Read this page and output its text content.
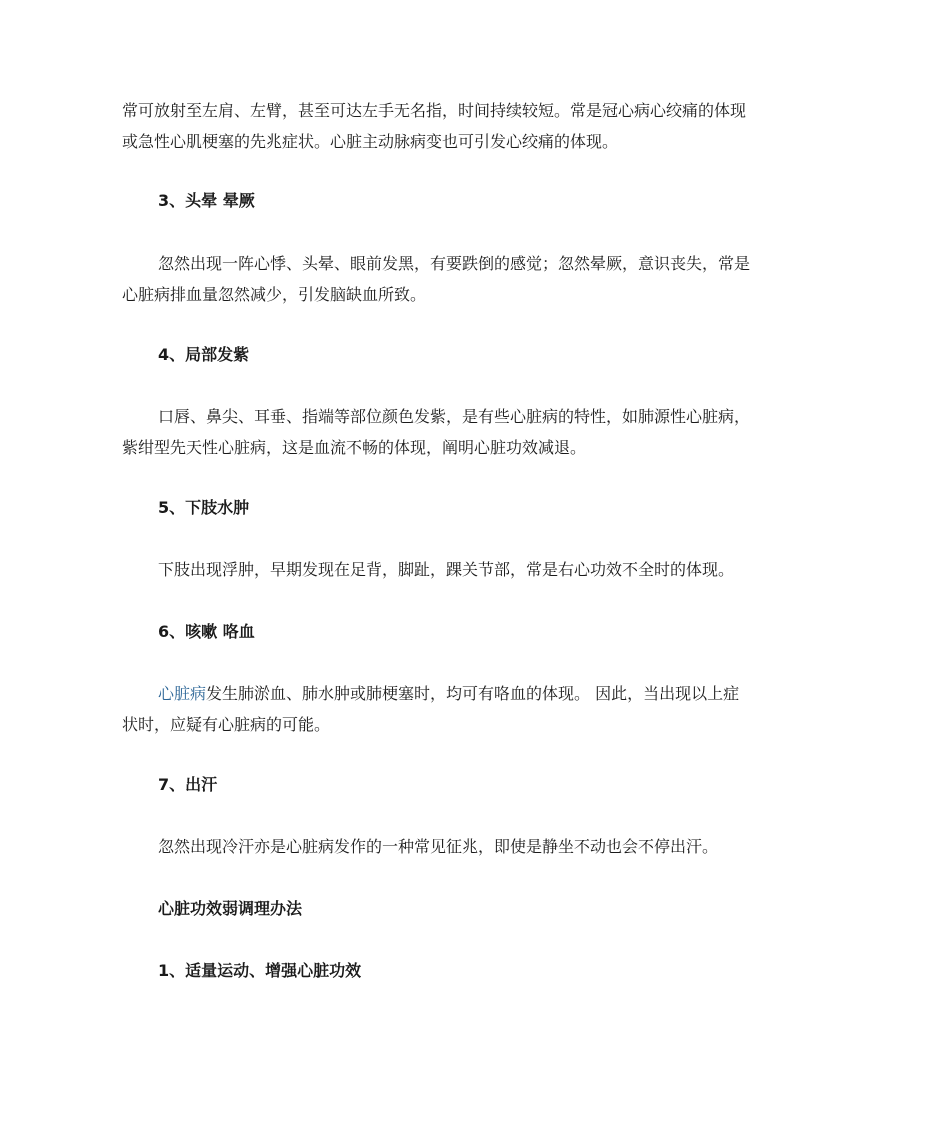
常可放射至左肩、左臂，甚至可达左手无名指，时间持续较短。常是冠心病心绞痛的体现
或急性心肌梗塞的先兆症状。心脏主动脉病变也可引发心绞痛的体现。
3、头晕 晕厥
忽然出现一阵心悸、头晕、眼前发黑，有要跌倒的感觉；忽然晕厥，意识丧失，常是
心脏病排血量忽然减少，引发脑缺血所致。
4、局部发紫
口唇、鼻尖、耳垂、指端等部位颜色发紫，是有些心脏病的特性，如肺源性心脏病，
紫绀型先天性心脏病，这是血流不畅的体现，阐明心脏功效减退。
5、下肢水肿
下肢出现浮肿，早期发现在足背，脚趾，踝关节部，常是右心功效不全时的体现。
6、咳嗽 咯血
心脏病发生肺淤血、肺水肿或肺梗塞时，均可有咯血的体现。 因此，当出现以上症
状时，应疑有心脏病的可能。
7、出汗
忽然出现冷汗亦是心脏病发作的一种常见征兆，即使是静坐不动也会不停出汗。
心脏功效弱调理办法
1、适量运动、增强心脏功效
